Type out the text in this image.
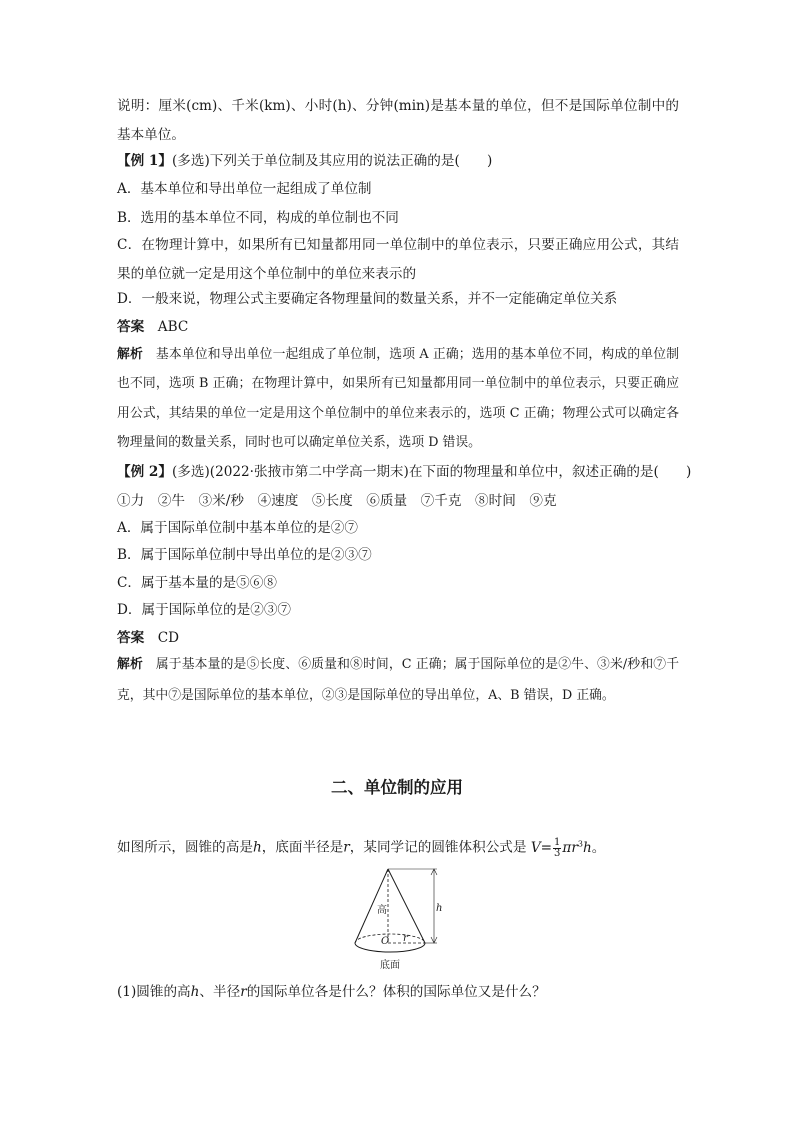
说明：厘米(cm)、千米(km)、小时(h)、分钟(min)是基本量的单位，但不是国际单位制中的基本单位。
【例 1】(多选)下列关于单位制及其应用的说法正确的是(　　)
A．基本单位和导出单位一起组成了单位制
B．选用的基本单位不同，构成的单位制也不同
C．在物理计算中，如果所有已知量都用同一单位制中的单位表示，只要正确应用公式，其结果的单位就一定是用这个单位制中的单位来表示的
D．一般来说，物理公式主要确定各物理量间的数量关系，并不一定能确定单位关系
答案　 ABC
解析　 基本单位和导出单位一起组成了单位制，选项 A 正确；选用的基本单位不同，构成的单位制也不同，选项 B 正确；在物理计算中，如果所有已知量都用同一单位制中的单位表示，只要正确应用公式，其结果的单位一定是用这个单位制中的单位来表示的，选项 C 正确；物理公式可以确定各物理量间的数量关系，同时也可以确定单位关系，选项 D 错误。
【例 2】(多选)(2022·张掖市第二中学高一期末)在下面的物理量和单位中，叙述正确的是(　　)
①力　②牛　③米/秒　④速度　⑤长度　⑥质量　⑦千克　⑧时间　⑨克
A．属于国际单位制中基本单位的是②⑦
B．属于国际单位制中导出单位的是②③⑦
C．属于基本量的是⑤⑥⑧
D．属于国际单位的是②③⑦
答案　 CD
解析　 属于基本量的是⑤长度、⑥质量和⑧时间，C 正确；属于国际单位的是②牛、③米/秒和⑦千克，其中⑦是国际单位的基本单位，②③是国际单位的导出单位，A、B 错误，D 正确。
二、单位制的应用
如图所示，圆锥的高是h，底面半径是r，某同学记的圆锥体积公式是 $V= \frac{1}{3} \pi r^3h$。
高	h
O r
底面
(1)圆锥的高h、半径r的国际单位各是什么？体积的国际单位又是什么？
